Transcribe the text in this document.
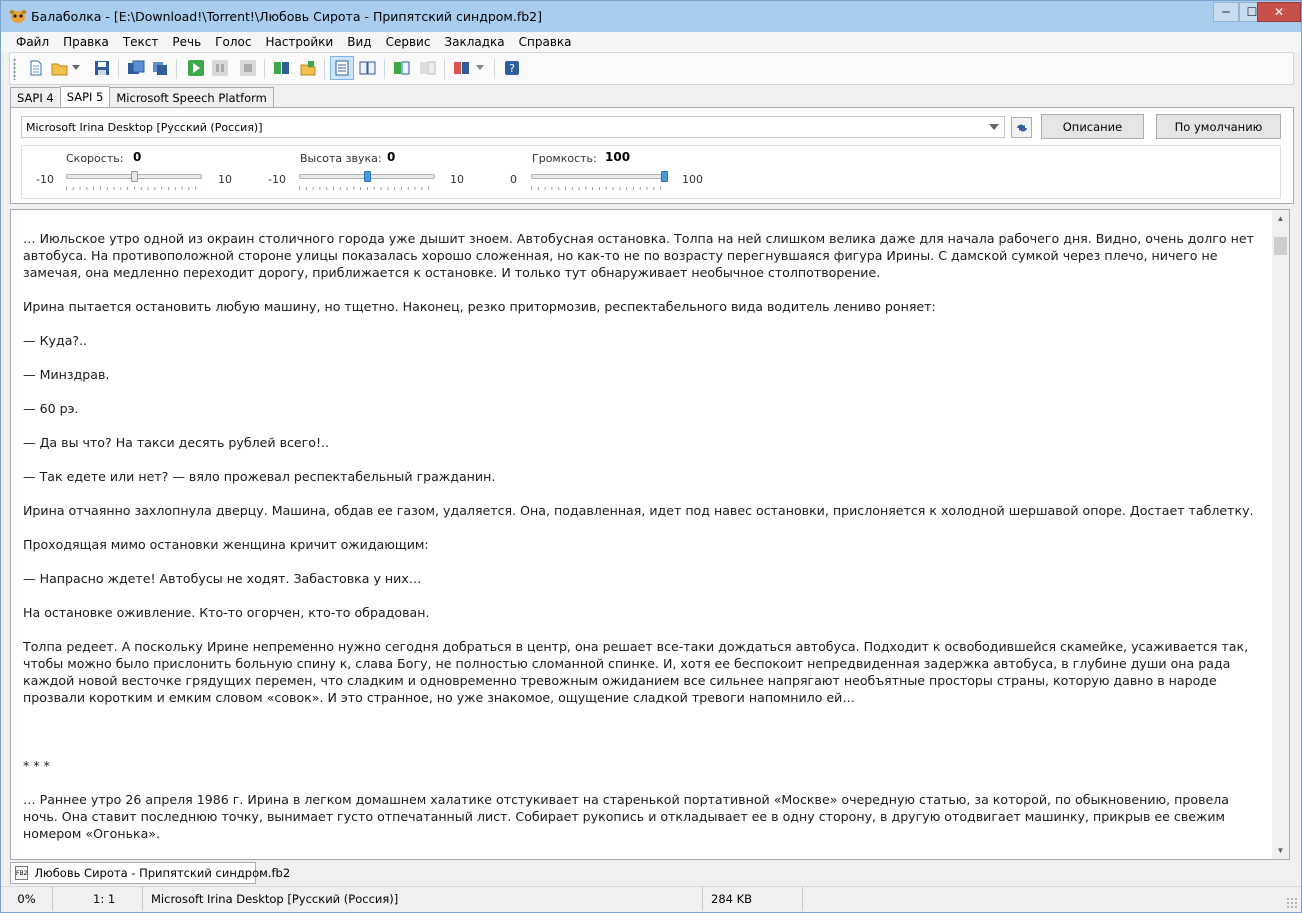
Балаболка - [E:\Download!\Torrent!\Любовь Сирота - Припятский синдром.fb2]	─	☐	✕
Файл	Правка	Текст	Речь	Голос	Настройки	Вид	Сервис	Закладка	Справка
?
SAPI 4	SAPI 5	Microsoft Speech Platform
Microsoft Irina Desktop [Русский (Россия)]	Описание	По умолчанию
Скорость: 0
-10	10
Высота звука: 0
-10	10
Громкость: 100
0	100

… Июльское утро одной из окраин столичного города уже дышит зноем. Автобусная остановка. Толпа на ней слишком велика даже для начала рабочего дня. Видно, очень долго нет автобуса. На противоположной стороне улицы показалась хорошо сложенная, но как-то не по возрасту перегнувшаяся фигура Ирины. С дамской сумкой через плечо, ничего не замечая, она медленно переходит дорогу, приближается к остановке. И только тут обнаруживает необычное столпотворение.

Ирина пытается остановить любую машину, но тщетно. Наконец, резко притормозив, респектабельного вида водитель лениво роняет:

— Куда?..

— Минздрав.

— 60 рэ.

— Да вы что? На такси десять рублей всего!..

— Так едете или нет? — вяло прожевал респектабельный гражданин.

Ирина отчаянно захлопнула дверцу. Машина, обдав ее газом, удаляется. Она, подавленная, идет под навес остановки, прислоняется к холодной шершавой опоре. Достает таблетку.

Проходящая мимо остановки женщина кричит ожидающим:

— Напрасно ждете! Автобусы не ходят. Забастовка у них…

На остановке оживление. Кто-то огорчен, кто-то обрадован.

Толпа редеет. А поскольку Ирине непременно нужно сегодня добраться в центр, она решает все-таки дождаться автобуса. Подходит к освободившейся скамейке, усаживается так, чтобы можно было прислонить больную спину к, слава Богу, не полностью сломанной спинке. И, хотя ее беспокоит непредвиденная задержка автобуса, в глубине души она рада каждой новой весточке грядущих перемен, что сладким и одновременно тревожным ожиданием все сильнее напрягают необъятные просторы страны, которую давно в народе прозвали коротким и емким словом «совок». И это странное, но уже знакомое, ощущение сладкой тревоги напомнило ей…

* * *

… Раннее утро 26 апреля 1986 г. Ирина в легком домашнем халатике отстукивает на старенькой портативной «Москве» очередную статью, за которой, по обыкновению, провела ночь. Она ставит последнюю точку, вынимает густо отпечатанный лист. Собирает рукопись и откладывает ее в одну сторону, в другую отодвигает машинку, прикрыв ее свежим номером «Огонька».

▲
▼
FB2 Любовь Сирота - Припятский синдром.fb2
0%	1: 1	Microsoft Irina Desktop [Русский (Россия)]	284 KB
